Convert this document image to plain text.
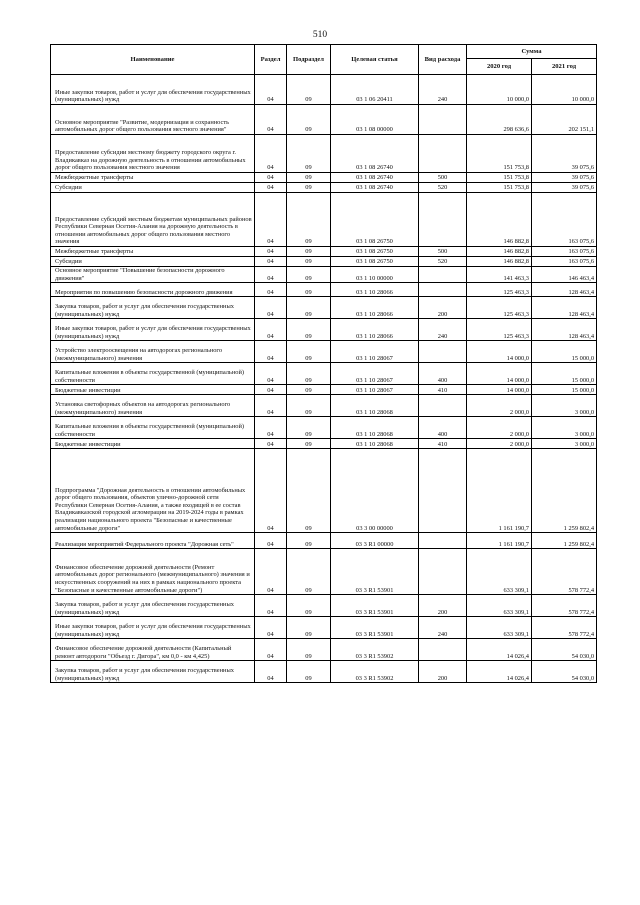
510
Наименование	Раздел	Подраздел	Целевая статья	Вид расхода	Сумма	
					2020 год	2021 год
Иные закупки товаров, работ и услуг для обеспечения государственных (муниципальных) нужд	04	09	03 1 06 20411	240	10 000,0	10 000,0
Основное мероприятие "Развитие, модернизация и сохранность автомобильных дорог общего пользования местного значения"	04	09	03 1 08 00000		298 636,6	202 151,1
Предоставление субсидии местному бюджету городского округа г. Владикавказ на дорожную деятельность в отношении автомобильных дорог общего пользования местного значения	04	09	03 1 08 26740		151 753,8	39 075,6
Межбюджетные трансферты	04	09	03 1 08 26740	500	151 753,8	39 075,6
Субсидии	04	09	03 1 08 26740	520	151 753,8	39 075,6
Предоставление субсидий местным бюджетам муниципальных районов Республики Северная Осетия-Алания на дорожную деятельность в отношении автомобильных дорог общего пользования местного значения	04	09	03 1 08 26750		146 882,8	163 075,6
Межбюджетные трансферты	04	09	03 1 08 26750	500	146 882,8	163 075,6
Субсидии	04	09	03 1 08 26750	520	146 882,8	163 075,6
Основное мероприятие "Повышение безопасности дорожного движения"	04	09	03 1 10 00000		141 463,3	146 463,4
Мероприятия по повышению безопасности дорожного движения	04	09	03 1 10 28066		125 463,3	128 463,4
Закупка товаров, работ и услуг для обеспечения государственных (муниципальных) нужд	04	09	03 1 10 28066	200	125 463,3	128 463,4
Иные закупки товаров, работ и услуг для обеспечения государственных (муниципальных) нужд	04	09	03 1 10 28066	240	125 463,3	128 463,4
Устройство электроосвещения на автодорогах регионального (межмуниципального) значения	04	09	03 1 10 28067		14 000,0	15 000,0
Капитальные вложения в объекты государственной (муниципальной) собственности	04	09	03 1 10 28067	400	14 000,0	15 000,0
Бюджетные инвестиции	04	09	03 1 10 28067	410	14 000,0	15 000,0
Установка светофорных объектов на автодорогах регионального (межмуниципального) значения	04	09	03 1 10 28068		2 000,0	3 000,0
Капитальные вложения в объекты государственной (муниципальной) собственности	04	09	03 1 10 28068	400	2 000,0	3 000,0
Бюджетные инвестиции	04	09	03 1 10 28068	410	2 000,0	3 000,0
Подпрограмма "Дорожная деятельность в отношении автомобильных дорог общего пользования, объектов улично-дорожной сети Республики Северная Осетия-Алания, а также входящей в ее состав Владикавказской городской агломерации на 2019-2024 годы в рамках реализации национального проекта "Безопасные и качественные автомобильные дороги"	04	09	03 3 00 00000		1 161 190,7	1 259 802,4
Реализация мероприятий Федерального проекта "Дорожная сеть"	04	09	03 3 R1 00000		1 161 190,7	1 259 802,4
Финансовое обеспечение дорожной деятельности (Ремонт автомобильных дорог регионального (межмуниципального) значения и искусственных сооружений на них в рамках национального проекта "Безопасные и качественные автомобильные дороги")	04	09	03 3 R1 53901		633 309,1	578 772,4
Закупка товаров, работ и услуг для обеспечения государственных (муниципальных) нужд	04	09	03 3 R1 53901	200	633 309,1	578 772,4
Иные закупки товаров, работ и услуг для обеспечения государственных (муниципальных) нужд	04	09	03 3 R1 53901	240	633 309,1	578 772,4
Финансовое обеспечение дорожной деятельности (Капитальный ремонт автодороги "Объезд г. Дигора", км 0,0 - км 4,425)	04	09	03 3 R1 53902		14 026,4	54 030,0
Закупка товаров, работ и услуг для обеспечения государственных (муниципальных) нужд	04	09	03 3 R1 53902	200	14 026,4	54 030,0
